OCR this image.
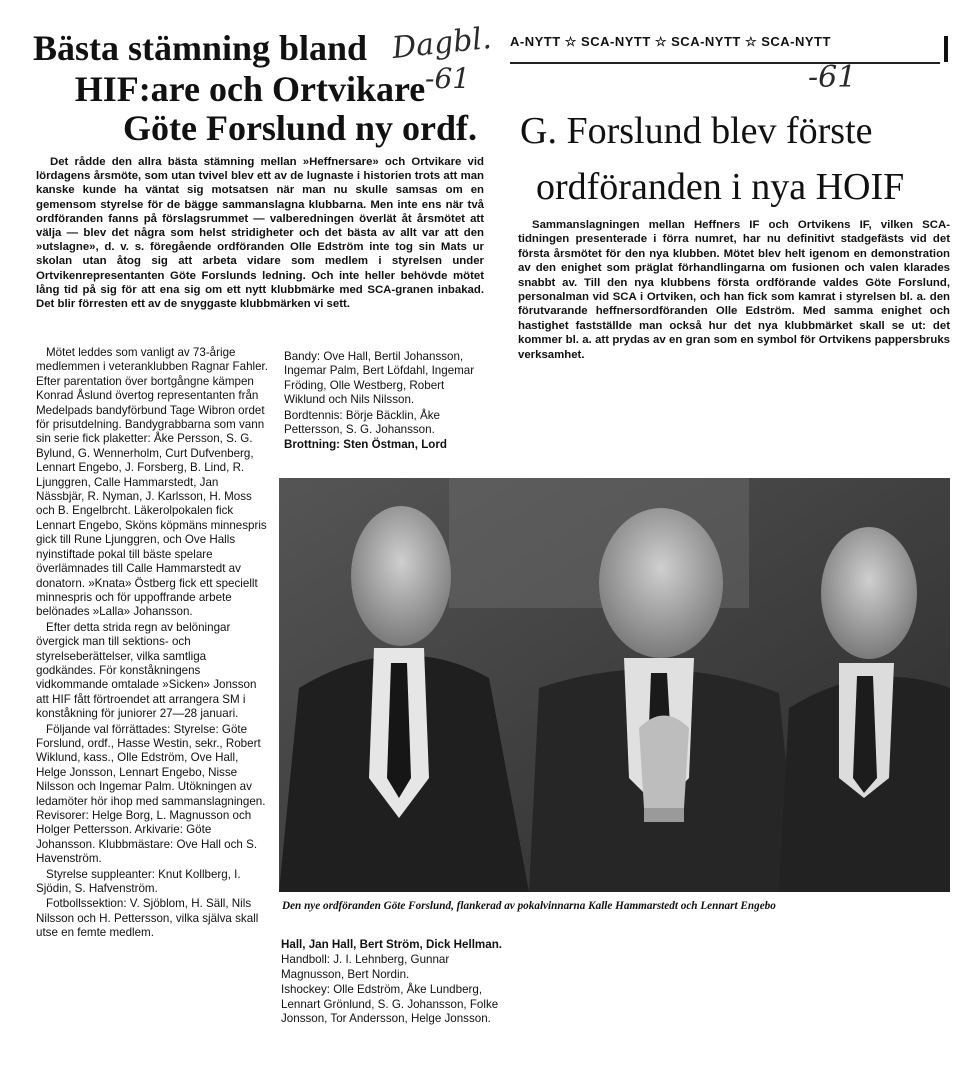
Bästa stämning bland
HIF:are och Ortvikare
Göte Forslund ny ordf.
Dagbl.
-61

Det rådde den allra bästa stämning mellan »Heffnersare» och Ortvikare vid lördagens årsmöte, som utan tvivel blev ett av de lugnaste i historien trots att man kanske kunde ha väntat sig motsatsen när man nu skulle samsas om en gemensom styrelse för de bägge sammanslagna klubbarna. Men inte ens när två ordföranden fanns på förslagsrummet — valberedningen överlät åt årsmötet att välja — blev det några som helst stridigheter och det bästa av allt var att den »utslagne», d. v. s. föregående ordföranden Olle Edström inte tog sin Mats ur skolan utan åtog sig att arbeta vidare som medlem i styrelsen under Ortvikenrepresentanten Göte Forslunds ledning. Och inte heller behövde mötet lång tid på sig för att ena sig om ett nytt klubbmärke med SCA-granen inbakad. Det blir förresten ett av de snyggaste klubbmärken vi sett.

Mötet leddes som vanligt av 73-årige medlemmen i veteranklubben Ragnar Fahler. Efter parentation över bortgångne kämpen Konrad Åslund övertog representanten från Medelpads bandyförbund Tage Wibron ordet för prisutdelning. Bandygrabbarna som vann sin serie fick plaketter: Åke Persson, S. G. Bylund, G. Wennerholm, Curt Dufvenberg, Lennart Engebo, J. Forsberg, B. Lind, R. Ljunggren, Calle Hammarstedt, Jan Nässbjär, R. Nyman, J. Karlsson, H. Moss och B. Engelbrcht. Läkerolpokalen fick Lennart Engebo, Sköns köpmäns minnespris gick till Rune Ljunggren, och Ove Halls nyinstiftade pokal till bäste spelare överlämnades till Calle Hammarstedt av donatorn. »Knata» Östberg fick ett speciellt minnespris och för uppoffrande arbete belönades »Lalla» Johansson.

Efter detta strida regn av belöningar övergick man till sektions- och styrelseberättelser, vilka samtliga godkändes. För konståkningens vidkommande omtalade »Sicken» Jonsson att HIF fått förtroendet att arrangera SM i konståkning för juniorer 27—28 januari.

Följande val förrättades: Styrelse: Göte Forslund, ordf., Hasse Westin, sekr., Robert Wiklund, kass., Olle Edström, Ove Hall, Helge Jonsson, Lennart Engebo, Nisse Nilsson och Ingemar Palm. Utökningen av ledamöter hör ihop med sammanslagningen. Revisorer: Helge Borg, L. Magnusson och Holger Pettersson. Arkivarie: Göte Johansson. Klubbmästare: Ove Hall och S. Havenström.

Styrelse suppleanter: Knut Kollberg, I. Sjödin, S. Hafvenström.

Fotbollssektion: V. Sjöblom, H. Säll, Nils Nilsson och H. Pettersson, vilka själva skall utse en femte medlem.

Bandy: Ove Hall, Bertil Johansson, Ingemar Palm, Bert Löfdahl, Ingemar Fröding, Olle Westberg, Robert Wiklund och Nils Nilsson.

Bordtennis: Börje Bäcklin, Åke Pettersson, S. G. Johansson.

Brottning: Sten Östman, Lord

Hall, Jan Hall, Bert Ström, Dick Hellman.

Handboll: J. I. Lehnberg, Gunnar Magnusson, Bert Nordin.

Ishockey: Olle Edström, Åke Lundberg, Lennart Grönlund, S. G. Johansson, Folke Jonsson, Tor Andersson, Helge Jonsson.

A-NYTT ☆ SCA-NYTT ☆ SCA-NYTT ☆ SCA-NYTT
-61
G. Forslund blev förste
ordföranden i nya HOIF

Sammanslagningen mellan Heffners IF och Ortvikens IF, vilken SCA-tidningen presenterade i förra numret, har nu definitivt stadgefästs vid det första årsmötet för den nya klubben. Mötet blev helt igenom en demonstration av den enighet som präglat förhandlingarna om fusionen och valen klarades snabbt av. Till den nya klubbens första ordförande valdes Göte Forslund, personalman vid SCA i Ortviken, och han fick som kamrat i styrelsen bl. a. den förutvarande heffnersordföranden Olle Edström. Med samma enighet och hastighet fastställde man också hur det nya klubbmärket skall se ut: det kommer bl. a. att prydas av en gran som en symbol för Ortvikens pappersbruks verksamhet.

Den nye ordföranden Göte Forslund, flankerad av pokalvinnarna Kalle Hammarstedt och Lennart Engebo
